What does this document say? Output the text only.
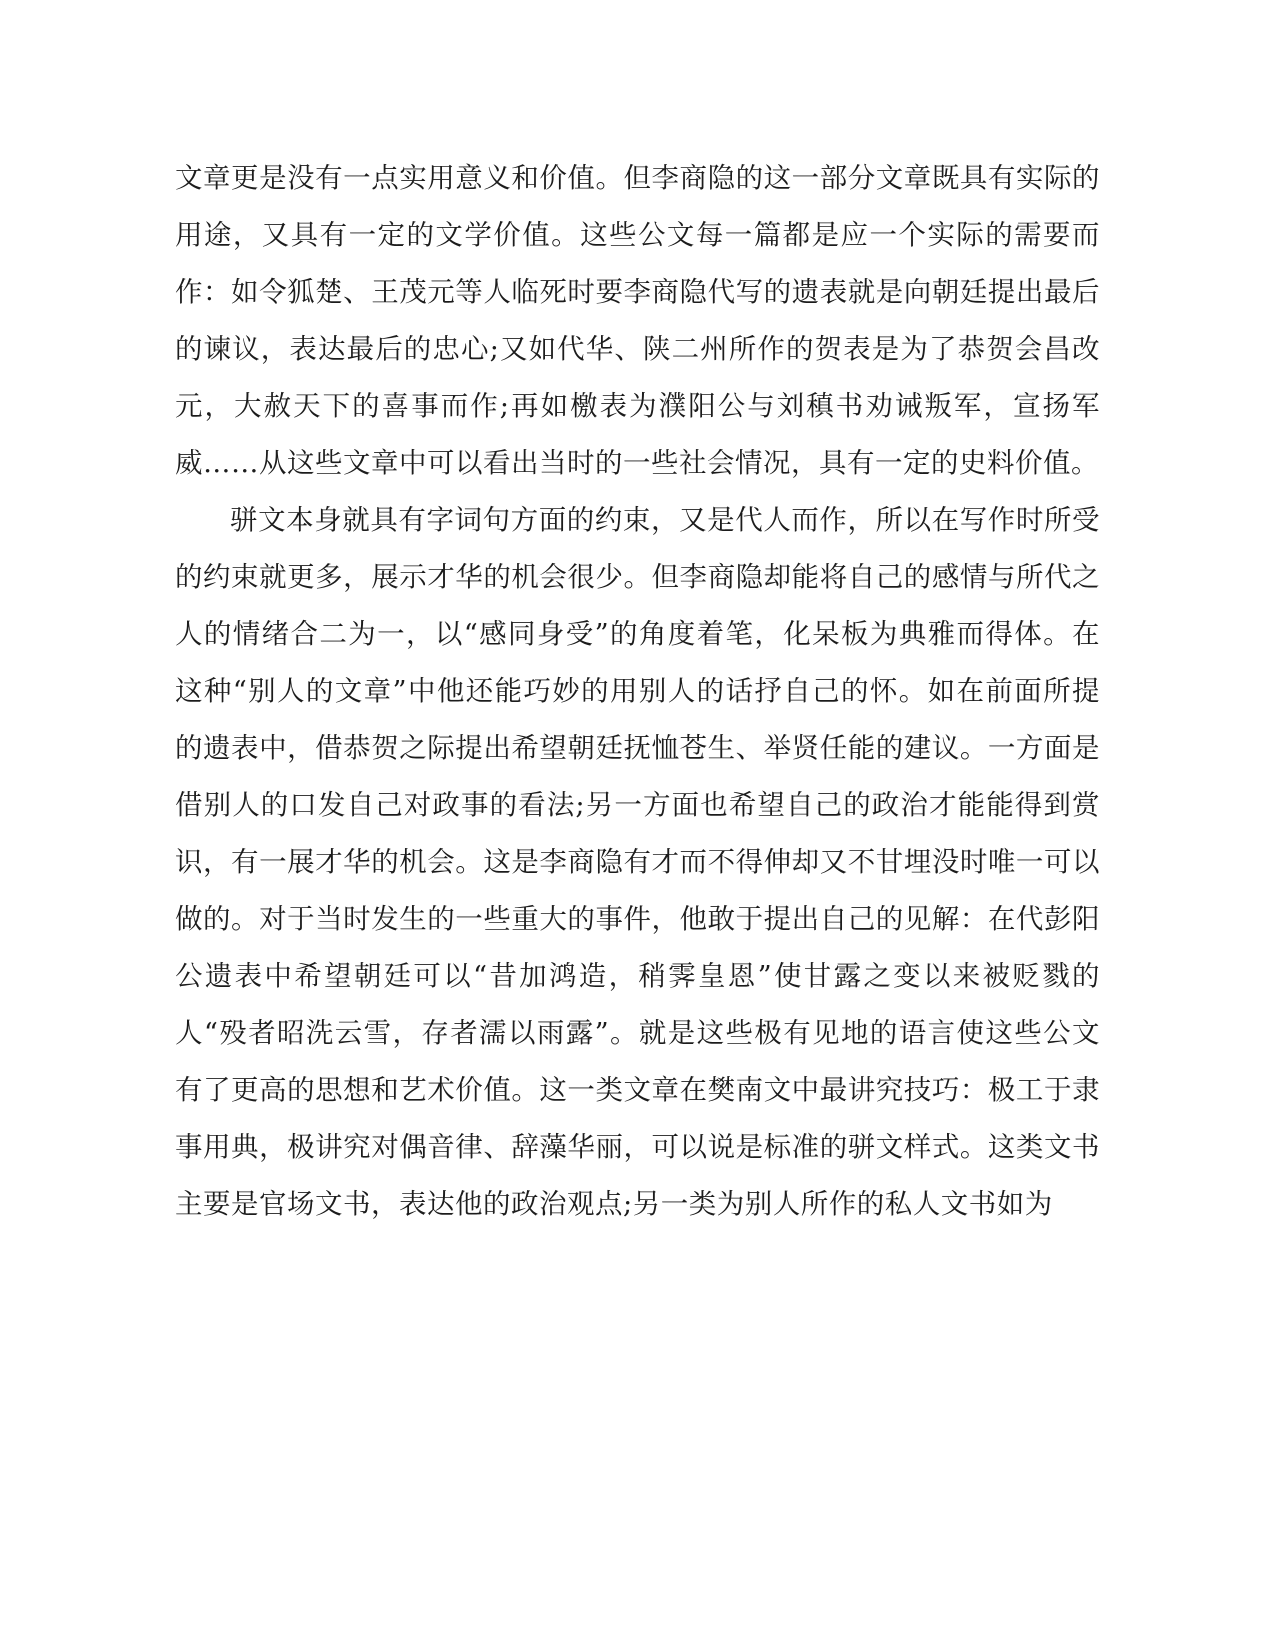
文章更是没有一点实用意义和价值。但李商隐的这一部分文章既具有实际的用途，又具有一定的文学价值。这些公文每一篇都是应一个实际的需要而作：如令狐楚、王茂元等人临死时要李商隐代写的遗表就是向朝廷提出最后的谏议，表达最后的忠心;又如代华、陕二州所作的贺表是为了恭贺会昌改元，大赦天下的喜事而作;再如檄表为濮阳公与刘稹书劝诫叛军，宣扬军威……从这些文章中可以看出当时的一些社会情况，具有一定的史料价值。

骈文本身就具有字词句方面的约束，又是代人而作，所以在写作时所受的约束就更多，展示才华的机会很少。但李商隐却能将自己的感情与所代之人的情绪合二为一，以“感同身受”的角度着笔，化呆板为典雅而得体。在这种“别人的文章”中他还能巧妙的用别人的话抒自己的怀。如在前面所提的遗表中，借恭贺之际提出希望朝廷抚恤苍生、举贤任能的建议。一方面是借别人的口发自己对政事的看法;另一方面也希望自己的政治才能能得到赏识，有一展才华的机会。这是李商隐有才而不得伸却又不甘埋没时唯一可以做的。对于当时发生的一些重大的事件，他敢于提出自己的见解：在代彭阳公遗表中希望朝廷可以“昔加鸿造，稍霁皇恩”使甘露之变以来被贬戮的人“殁者昭洗云雪，存者濡以雨露”。就是这些极有见地的语言使这些公文有了更高的思想和艺术价值。这一类文章在樊南文中最讲究技巧：极工于隶事用典，极讲究对偶音律、辞藻华丽，可以说是标准的骈文样式。这类文书主要是官场文书，表达他的政治观点;另一类为别人所作的私人文书如为
